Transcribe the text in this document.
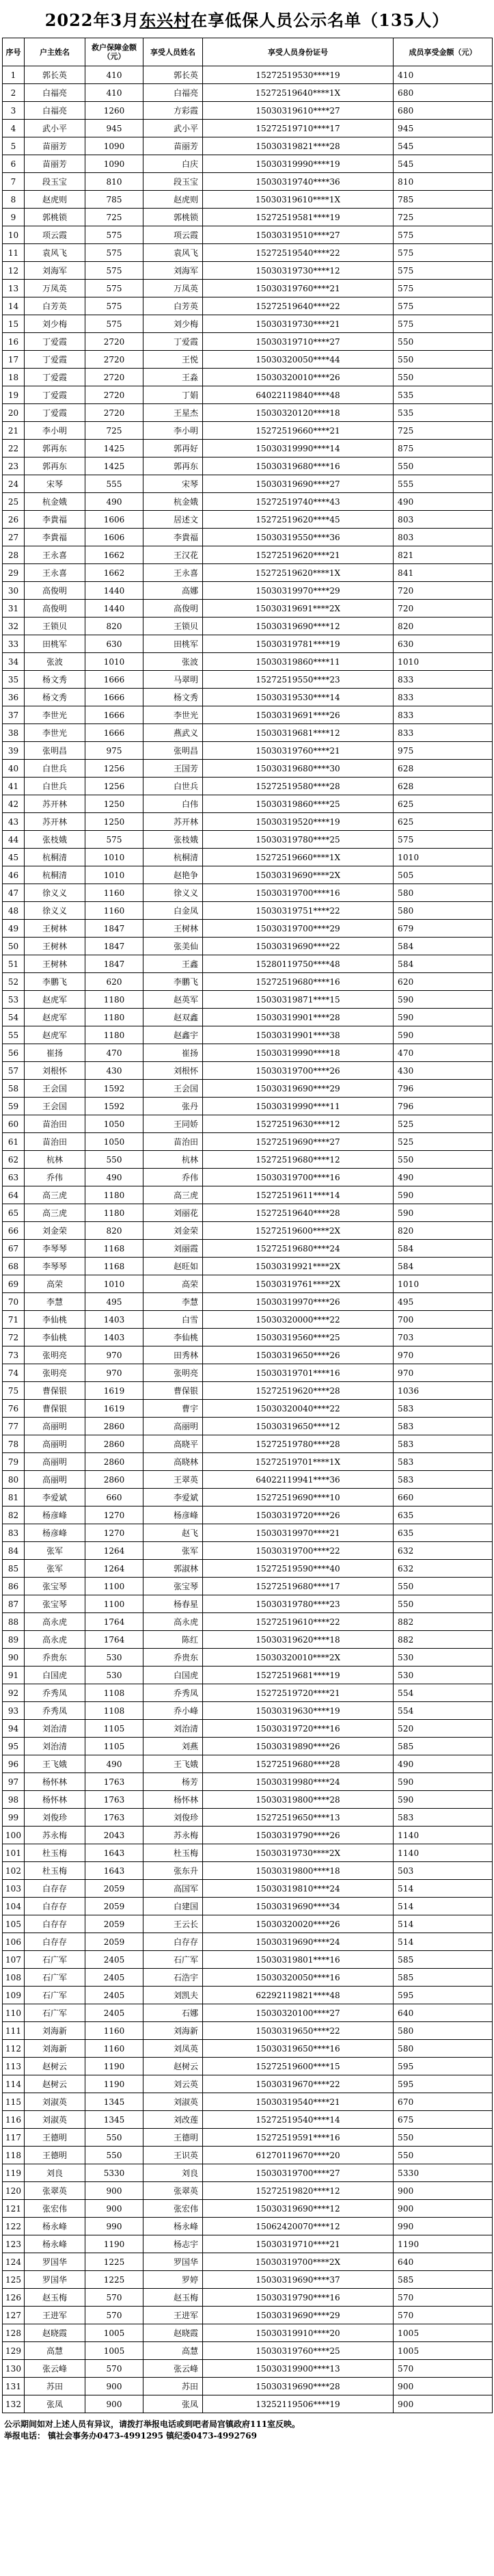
2022年3月 东兴村 在享低保人员公示名单（135人）
序号	户主姓名	救户保障金额（元）	享受人员姓名	享受人员身份证号	成员享受金额（元）
1	郭长英	410	郭长英	15272519530****19	410
2	白福亮	410	白福亮	15272519640****1X	680
3	白福亮	1260	方彩霞	15030319610****27	680
4	武小平	945	武小平	15272519710****17	945
5	苗丽芳	1090	苗丽芳	15030319821****28	545
6	苗丽芳	1090	白庆	15030319990****19	545
7	段玉宝	810	段玉宝	15030319740****36	810
8	赵虎则	785	赵虎则	15030319610****1X	785
9	郭桃锁	725	郭桃锁	15272519581****19	725
10	项云霞	575	项云霞	15030319510****27	575
11	袁风飞	575	袁风飞	15272519540****22	575
12	刘海军	575	刘海军	15030319730****12	575
13	万凤英	575	万凤英	15030319760****21	575
14	白芳英	575	白芳英	15272519640****22	575
15	刘少梅	575	刘少梅	15030319730****21	575
16	丁爱霞	2720	丁爱霞	15030319710****27	550
17	丁爱霞	2720	王悦	15030320050****44	550
18	丁爱霞	2720	王淼	15030320010****26	550
19	丁爱霞	2720	丁娟	64022119840****48	535
20	丁爱霞	2720	王星杰	15030320120****18	535
21	李小明	725	李小明	15272519660****21	725
22	郭再东	1425	郭再好	15030319990****14	875
23	郭再东	1425	郭再东	15030319680****16	550
24	宋琴	555	宋琴	15030319690****27	555
25	杭金娥	490	杭金娥	15272519740****43	490
26	李貴福	1606	居述文	15272519620****45	803
27	李貴福	1606	李貴福	15030319550****36	803
28	王永喜	1662	王汉花	15272519620****21	821
29	王永喜	1662	王永喜	15272519620****1X	841
30	高俊明	1440	高娜	15030319970****29	720
31	高俊明	1440	高俊明	15030319691****2X	720
32	王锁贝	820	王锁贝	15030319690****12	820
33	田桃军	630	田桃军	15030319781****19	630
34	张波	1010	张波	15030319860****11	1010
35	杨文秀	1666	马翠明	15272519550****23	833
36	杨文秀	1666	杨文秀	15030319530****14	833
37	李世光	1666	李世光	15030319691****26	833
38	李世光	1666	燕武义	15030319681****12	833
39	张明昌	975	张明昌	15030319760****21	975
40	白世兵	1256	王国芳	15030319680****30	628
41	白世兵	1256	白世兵	15272519580****28	628
42	苏开林	1250	白伟	15030319860****25	625
43	苏开林	1250	苏开林	15030319520****19	625
44	张枝娥	575	张枝娥	15030319780****25	575
45	杭桐清	1010	杭桐清	15272519660****1X	1010
46	杭桐清	1010	赵艳争	15030319690****2X	505
47	徐义义	1160	徐义义	15030319700****16	580
48	徐义义	1160	白金凤	15030319751****22	580
49	王树林	1847	王树林	15030319700****29	679
50	王树林	1847	张美仙	15030319690****22	584
51	王树林	1847	王鑫	15280119750****48	584
52	李鹏飞	620	李鹏飞	15272519680****16	620
53	赵虎军	1180	赵英军	15030319871****15	590
54	赵虎军	1180	赵双鑫	15030319901****28	590
55	赵虎军	1180	赵鑫宇	15030319901****38	590
56	崔扬	470	崔扬	15030319990****18	470
57	刘根怀	430	刘根怀	15030319700****26	430
58	王会国	1592	王会国	15030319690****29	796
59	王会国	1592	张丹	15030319990****11	796
60	苗治田	1050	王同娇	15272519630****12	525
61	苗治田	1050	苗治田	15272519690****27	525
62	杭林	550	杭林	15272519680****12	550
63	乔伟	490	乔伟	15030319700****16	490
64	高三虎	1180	高三虎	15272519611****14	590
65	高三虎	1180	刘丽花	15272519640****28	590
66	刘金荣	820	刘金荣	15272519600****2X	820
67	李琴琴	1168	刘丽霞	15272519680****24	584
68	李琴琴	1168	赵旺如	15030319921****2X	584
69	高荣	1010	高荣	15030319761****2X	1010
70	李慧	495	李慧	15030319970****26	495
71	李仙桃	1403	白雪	15030320000****22	700
72	李仙桃	1403	李仙桃	15030319560****25	703
73	张明亮	970	田秀林	15030319650****26	970
74	张明亮	970	张明亮	15030319701****16	970
75	曹保银	1619	曹保银	15272519620****28	1036
76	曹保银	1619	曹宇	15030320040****22	583
77	高丽明	2860	高丽明	15030319650****12	583
78	高丽明	2860	高晓平	15272519780****28	583
79	高丽明	2860	高晓林	15272519701****1X	583
80	高丽明	2860	王翠英	64022119941****36	583
81	李爱斌	660	李爱斌	15272519690****10	660
82	杨彦峰	1270	杨彦峰	15030319720****26	635
83	杨彦峰	1270	赵飞	15030319970****21	635
84	张军	1264	张军	15030319700****22	632
85	张军	1264	郭淑林	15272519590****40	632
86	张宝琴	1100	张宝琴	15272519680****17	550
87	张宝琴	1100	杨春星	15030319780****23	550
88	高永虎	1764	高永虎	15272519610****22	882
89	高永虎	1764	陈红	15030319620****18	882
90	乔贵东	530	乔贵东	15030320010****2X	530
91	白国虎	530	白国虎	15272519681****19	530
92	乔秀凤	1108	乔秀凤	15272519720****21	554
93	乔秀凤	1108	乔小峰	15030319630****19	554
94	刘治清	1105	刘治清	15030319720****16	520
95	刘治清	1105	刘燕	15030319890****26	585
96	王飞娥	490	王飞娥	15272519680****28	490
97	杨怀林	1763	杨芳	15030319980****24	590
98	杨怀林	1763	杨怀林	15030319800****28	590
99	刘俊珍	1763	刘俊珍	15272519650****13	583
100	苏永梅	2043	苏永梅	15030319790****26	1140
101	杜玉梅	1643	杜玉梅	15030319730****2X	1140
102	杜玉梅	1643	张东升	15030319800****18	503
103	白存存	2059	高国军	15030319810****24	514
104	白存存	2059	白建国	15030319690****34	514
105	白存存	2059	王云长	15030320020****26	514
106	白存存	2059	白存存	15030319690****24	514
107	石广军	2405	石广军	15030319801****16	585
108	石广军	2405	石浩宇	15030320050****16	585
109	石广军	2405	刘凯夫	62292119821****48	595
110	石广军	2405	石娜	15030320100****27	640
111	刘海新	1160	刘海新	15030319650****22	580
112	刘海新	1160	刘凤英	15030319650****16	580
113	赵树云	1190	赵树云	15272519600****15	595
114	赵树云	1190	刘云英	15030319670****22	595
115	刘淑英	1345	刘淑英	15030319540****21	670
116	刘淑英	1345	刘改莲	15272519540****14	675
117	王德明	550	王德明	15272519591****16	550
118	王德明	550	王识英	61270119670****20	550
119	刘良	5330	刘良	15030319700****27	5330
120	张翠英	900	张翠英	15272519820****12	900
121	张宏伟	900	张宏伟	15030319690****12	900
122	杨永峰	990	杨永峰	15062420070****12	990
123	杨永峰	1190	杨志宇	15030319710****21	1190
124	罗国华	1225	罗国华	15030319700****2X	640
125	罗国华	1225	罗婷	15030319690****37	585
126	赵玉梅	570	赵玉梅	15030319790****16	570
127	王进军	570	王进军	15030319690****29	570
128	赵晓霞	1005	赵晓霞	15030319910****20	1005
129	高慧	1005	高慧	15030319760****25	1005
130	张云峰	570	张云峰	15030319900****13	570
131	苏田	900	苏田	15030319690****28	900
132	张凤	900	张凤	13252119506****19	900
公示期间如对上述人员有异议，请拨打举报电话或到吧者局宫镇政府111室反映。
举报电话： 镇社会事务办0473-4991295 镇纪委0473-4992769
